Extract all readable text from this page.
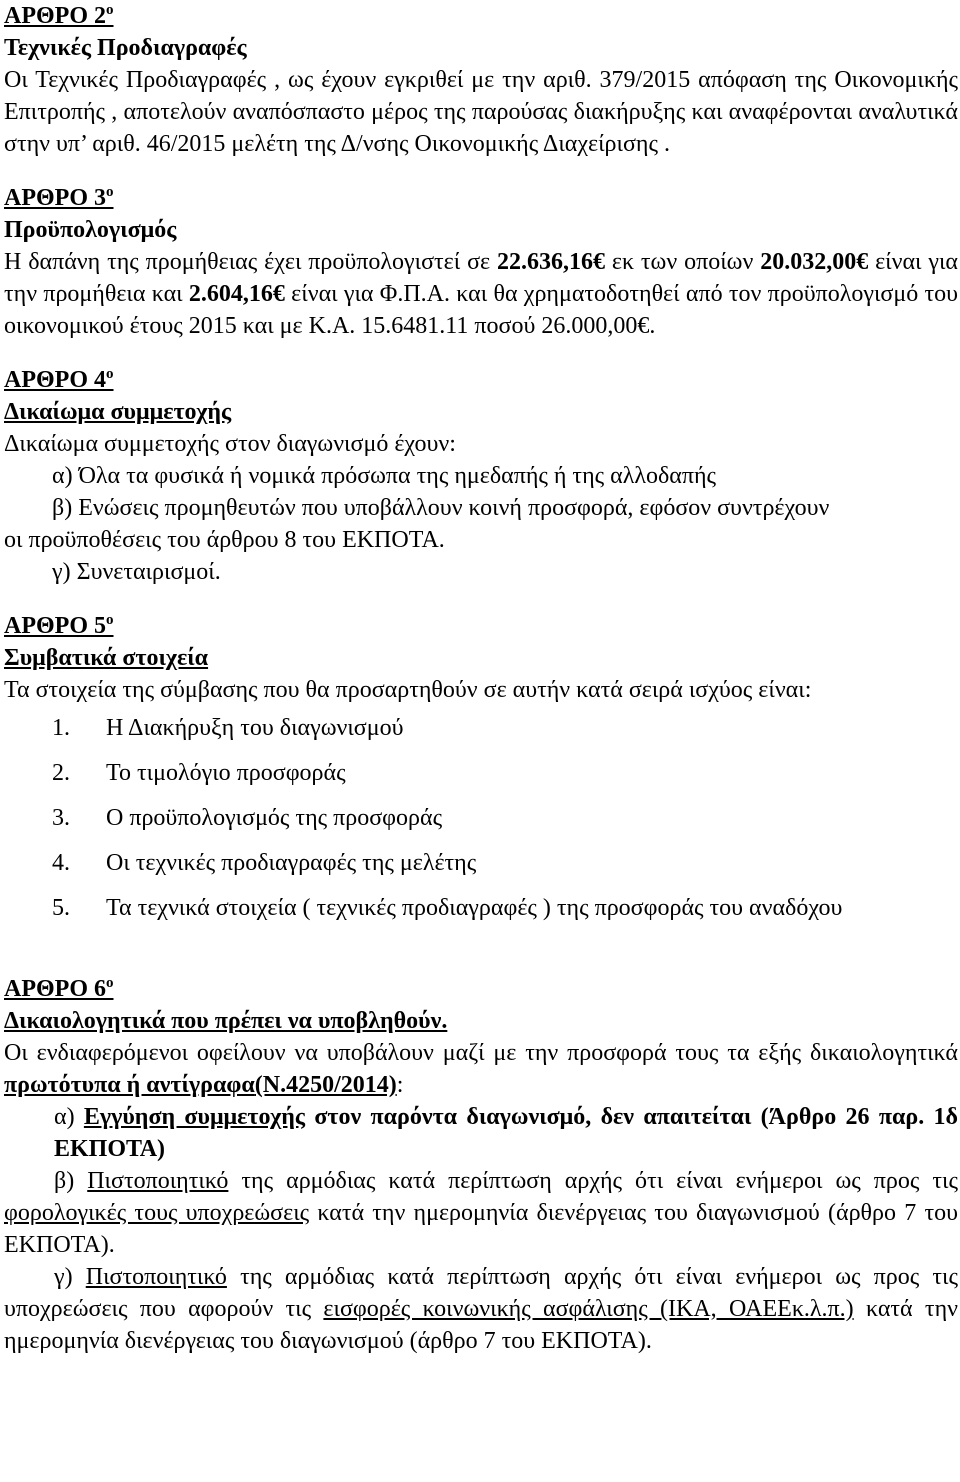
ΑΡΘΡΟ $2^o$
Τεχνικές Προδιαγραφές

Οι Τεχνικές Προδιαγραφές , ως έχουν εγκριθεί με την αριθ. 379/2015 απόφαση της Οικονομικής Επιτροπής , αποτελούν αναπόσπαστο μέρος της παρούσας διακήρυξης και αναφέρονται αναλυτικά στην υπ’ αριθ. 46/2015 μελέτη της Δ/νσης Οικονομικής Διαχείρισης .

ΑΡΘΡΟ $3^o$
Προϋπολογισμός

Η δαπάνη της προμήθειας έχει προϋπολογιστεί σε 22.636,16€ εκ των οποίων 20.032,00€ είναι για την προμήθεια και 2.604,16€ είναι για Φ.Π.Α. και θα χρηματοδοτηθεί από τον προϋπολογισμό του οικονομικού έτους 2015 και με Κ.Α. 15.6481.11 ποσού 26.000,00€.

ΑΡΘΡΟ $4^o$
Δικαίωμα συμμετοχής

Δικαίωμα συμμετοχής στον διαγωνισμό έχουν:

α) Όλα τα φυσικά ή νομικά πρόσωπα της ημεδαπής ή της αλλοδαπής

β) Ενώσεις προμηθευτών που υποβάλλουν κοινή προσφορά, εφόσον συντρέχουν

οι προϋποθέσεις του άρθρου 8 του ΕΚΠΟΤΑ.

γ) Συνεταιρισμοί.

ΑΡΘΡΟ $5^o$
Συμβατικά στοιχεία

Τα στοιχεία της σύμβασης που θα προσαρτηθούν σε αυτήν κατά σειρά ισχύος είναι:

1.	Η Διακήρυξη του διαγωνισμού
2.	Το τιμολόγιο προσφοράς
3.	Ο προϋπολογισμός της προσφοράς
4.	Οι τεχνικές προδιαγραφές της μελέτης
5.	Τα τεχνικά στοιχεία ( τεχνικές προδιαγραφές ) της προσφοράς του αναδόχου
ΑΡΘΡΟ $6^o$
Δικαιολογητικά που πρέπει να υποβληθούν.

Οι ενδιαφερόμενοι οφείλουν να υποβάλουν μαζί με την προσφορά τους τα εξής δικαιολογητικά πρωτότυπα ή αντίγραφα(Ν.4250/2014):

α) Εγγύηση συμμετοχής στον παρόντα διαγωνισμό, δεν απαιτείται (Άρθρο 26 παρ. 1δ ΕΚΠΟΤΑ)

β) Πιστοποιητικό της αρμόδιας κατά περίπτωση αρχής ότι είναι ενήμεροι ως προς τις φορολογικές τους υποχρεώσεις κατά την ημερομηνία διενέργειας του διαγωνισμού (άρθρο 7 του ΕΚΠΟΤΑ).

γ) Πιστοποιητικό της αρμόδιας κατά περίπτωση αρχής ότι είναι ενήμεροι ως προς τις υποχρεώσεις που αφορούν τις εισφορές κοινωνικής ασφάλισης (ΙΚΑ, ΟΑΕΕκ.λ.π.) κατά την ημερομηνία διενέργειας του διαγωνισμού (άρθρο 7 του ΕΚΠΟΤΑ).
